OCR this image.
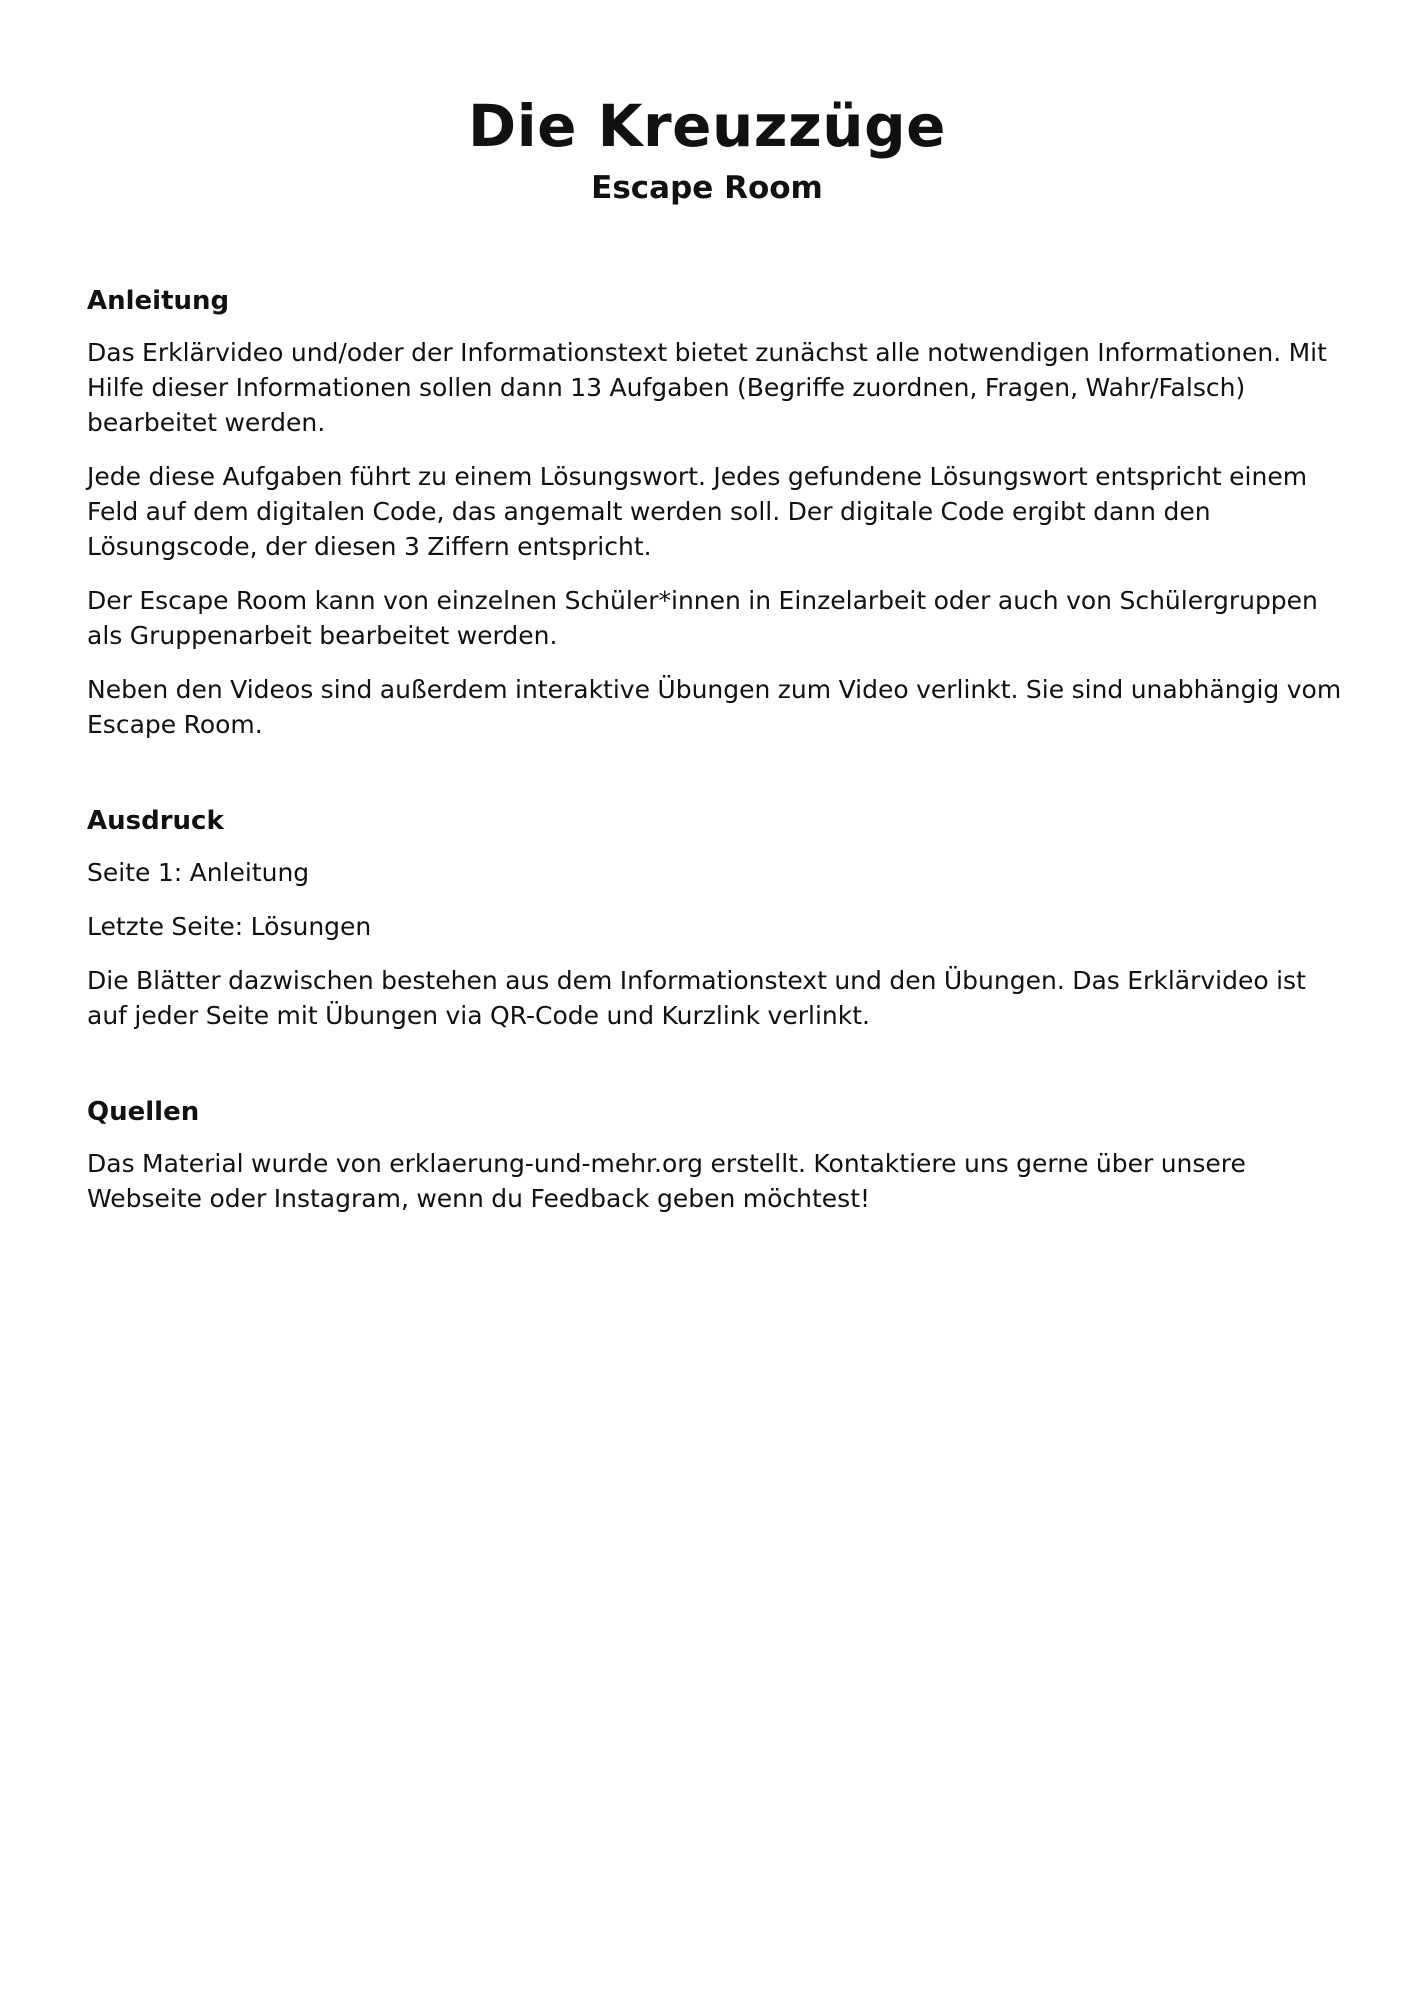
Die Kreuzzüge
Escape Room
Anleitung

Das Erklärvideo und/oder der Informationstext bietet zunächst alle notwendigen Informationen. Mit Hilfe dieser Informationen sollen dann 13 Aufgaben (Begriffe zuordnen, Fragen, Wahr/Falsch) bearbeitet werden.

Jede diese Aufgaben führt zu einem Lösungswort. Jedes gefundene Lösungswort entspricht einem Feld auf dem digitalen Code, das angemalt werden soll. Der digitale Code ergibt dann den Lösungscode, der diesen 3 Ziffern entspricht.

Der Escape Room kann von einzelnen Schüler*innen in Einzelarbeit oder auch von Schülergruppen als Gruppenarbeit bearbeitet werden.

Neben den Videos sind außerdem interaktive Übungen zum Video verlinkt. Sie sind unabhängig vom Escape Room.

Ausdruck

Seite 1: Anleitung

Letzte Seite: Lösungen

Die Blätter dazwischen bestehen aus dem Informationstext und den Übungen. Das Erklärvideo ist auf jeder Seite mit Übungen via QR-Code und Kurzlink verlinkt.

Quellen

Das Material wurde von erklaerung-und-mehr.org erstellt. Kontaktiere uns gerne über unsere Webseite oder Instagram, wenn du Feedback geben möchtest!
